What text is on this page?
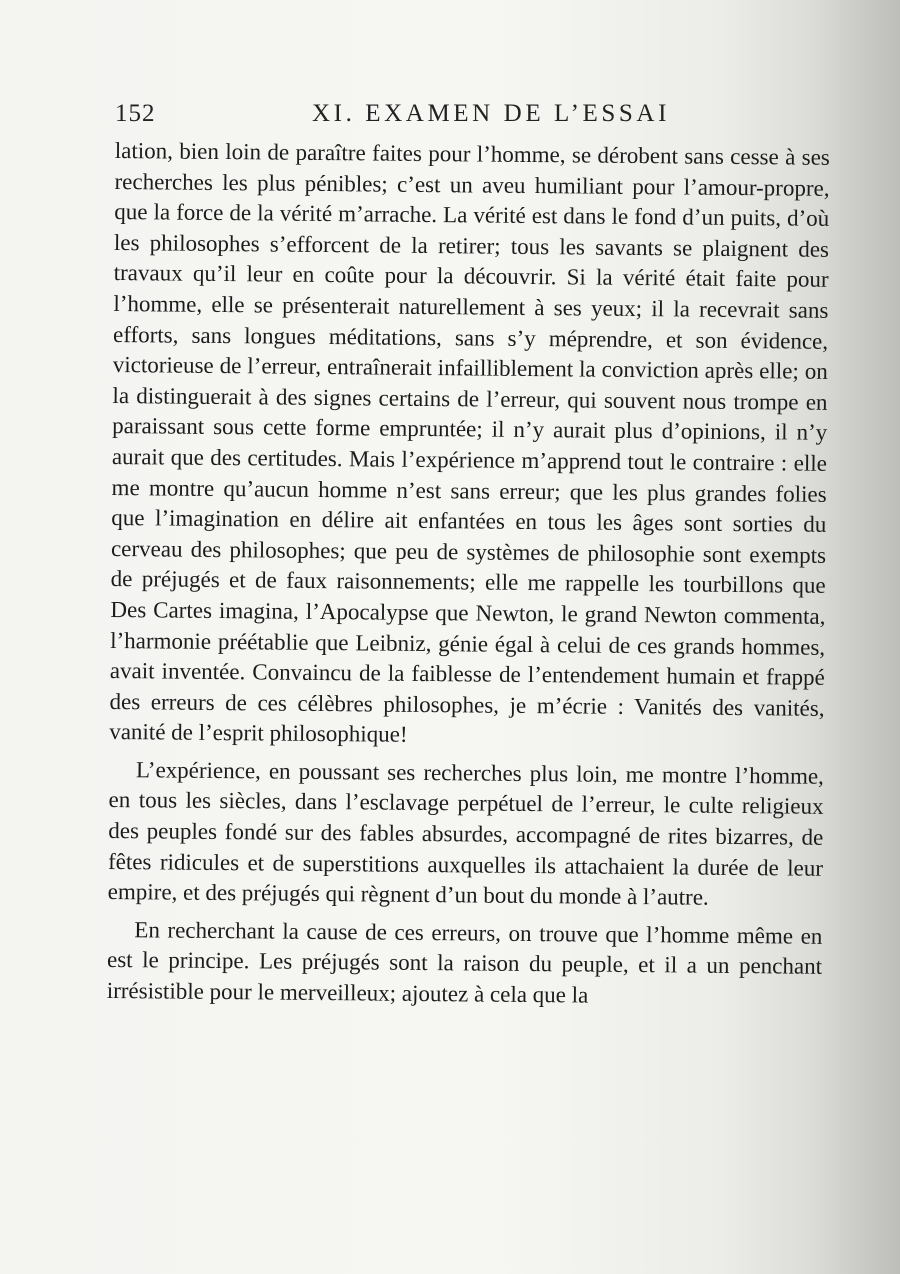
152	XI. EXAMEN DE L’ESSAI

lation, bien loin de paraître faites pour l’homme, se dérobent sans cesse à ses recherches les plus pénibles; c’est un aveu humiliant pour l’amour-propre, que la force de la vérité m’arrache. La vérité est dans le fond d’un puits, d’où les philosophes s’efforcent de la retirer; tous les savants se plaignent des travaux qu’il leur en coûte pour la découvrir. Si la vérité était faite pour l’homme, elle se présenterait naturellement à ses yeux; il la recevrait sans efforts, sans longues méditations, sans s’y méprendre, et son évidence, victorieuse de l’erreur, entraînerait infailliblement la conviction après elle; on la distinguerait à des signes certains de l’erreur, qui souvent nous trompe en paraissant sous cette forme empruntée; il n’y aurait plus d’opinions, il n’y aurait que des certitudes. Mais l’expérience m’apprend tout le contraire : elle me montre qu’aucun homme n’est sans erreur; que les plus grandes folies que l’imagination en délire ait enfantées en tous les âges sont sorties du cerveau des philosophes; que peu de systèmes de philosophie sont exempts de préjugés et de faux raisonnements; elle me rappelle les tourbillons que Des Cartes imagina, l’Apocalypse que Newton, le grand Newton commenta, l’harmonie préétablie que Leibniz, génie égal à celui de ces grands hommes, avait inventée. Convaincu de la faiblesse de l’entendement humain et frappé des erreurs de ces célèbres philosophes, je m’écrie : Vanités des vanités, vanité de l’esprit philosophique!

L’expérience, en poussant ses recherches plus loin, me montre l’homme, en tous les siècles, dans l’esclavage perpétuel de l’erreur, le culte religieux des peuples fondé sur des fables absurdes, accompagné de rites bizarres, de fêtes ridicules et de superstitions auxquelles ils attachaient la durée de leur empire, et des préjugés qui règnent d’un bout du monde à l’autre.

En recherchant la cause de ces erreurs, on trouve que l’homme même en est le principe. Les préjugés sont la raison du peuple, et il a un penchant irrésistible pour le merveilleux; ajoutez à cela que la
